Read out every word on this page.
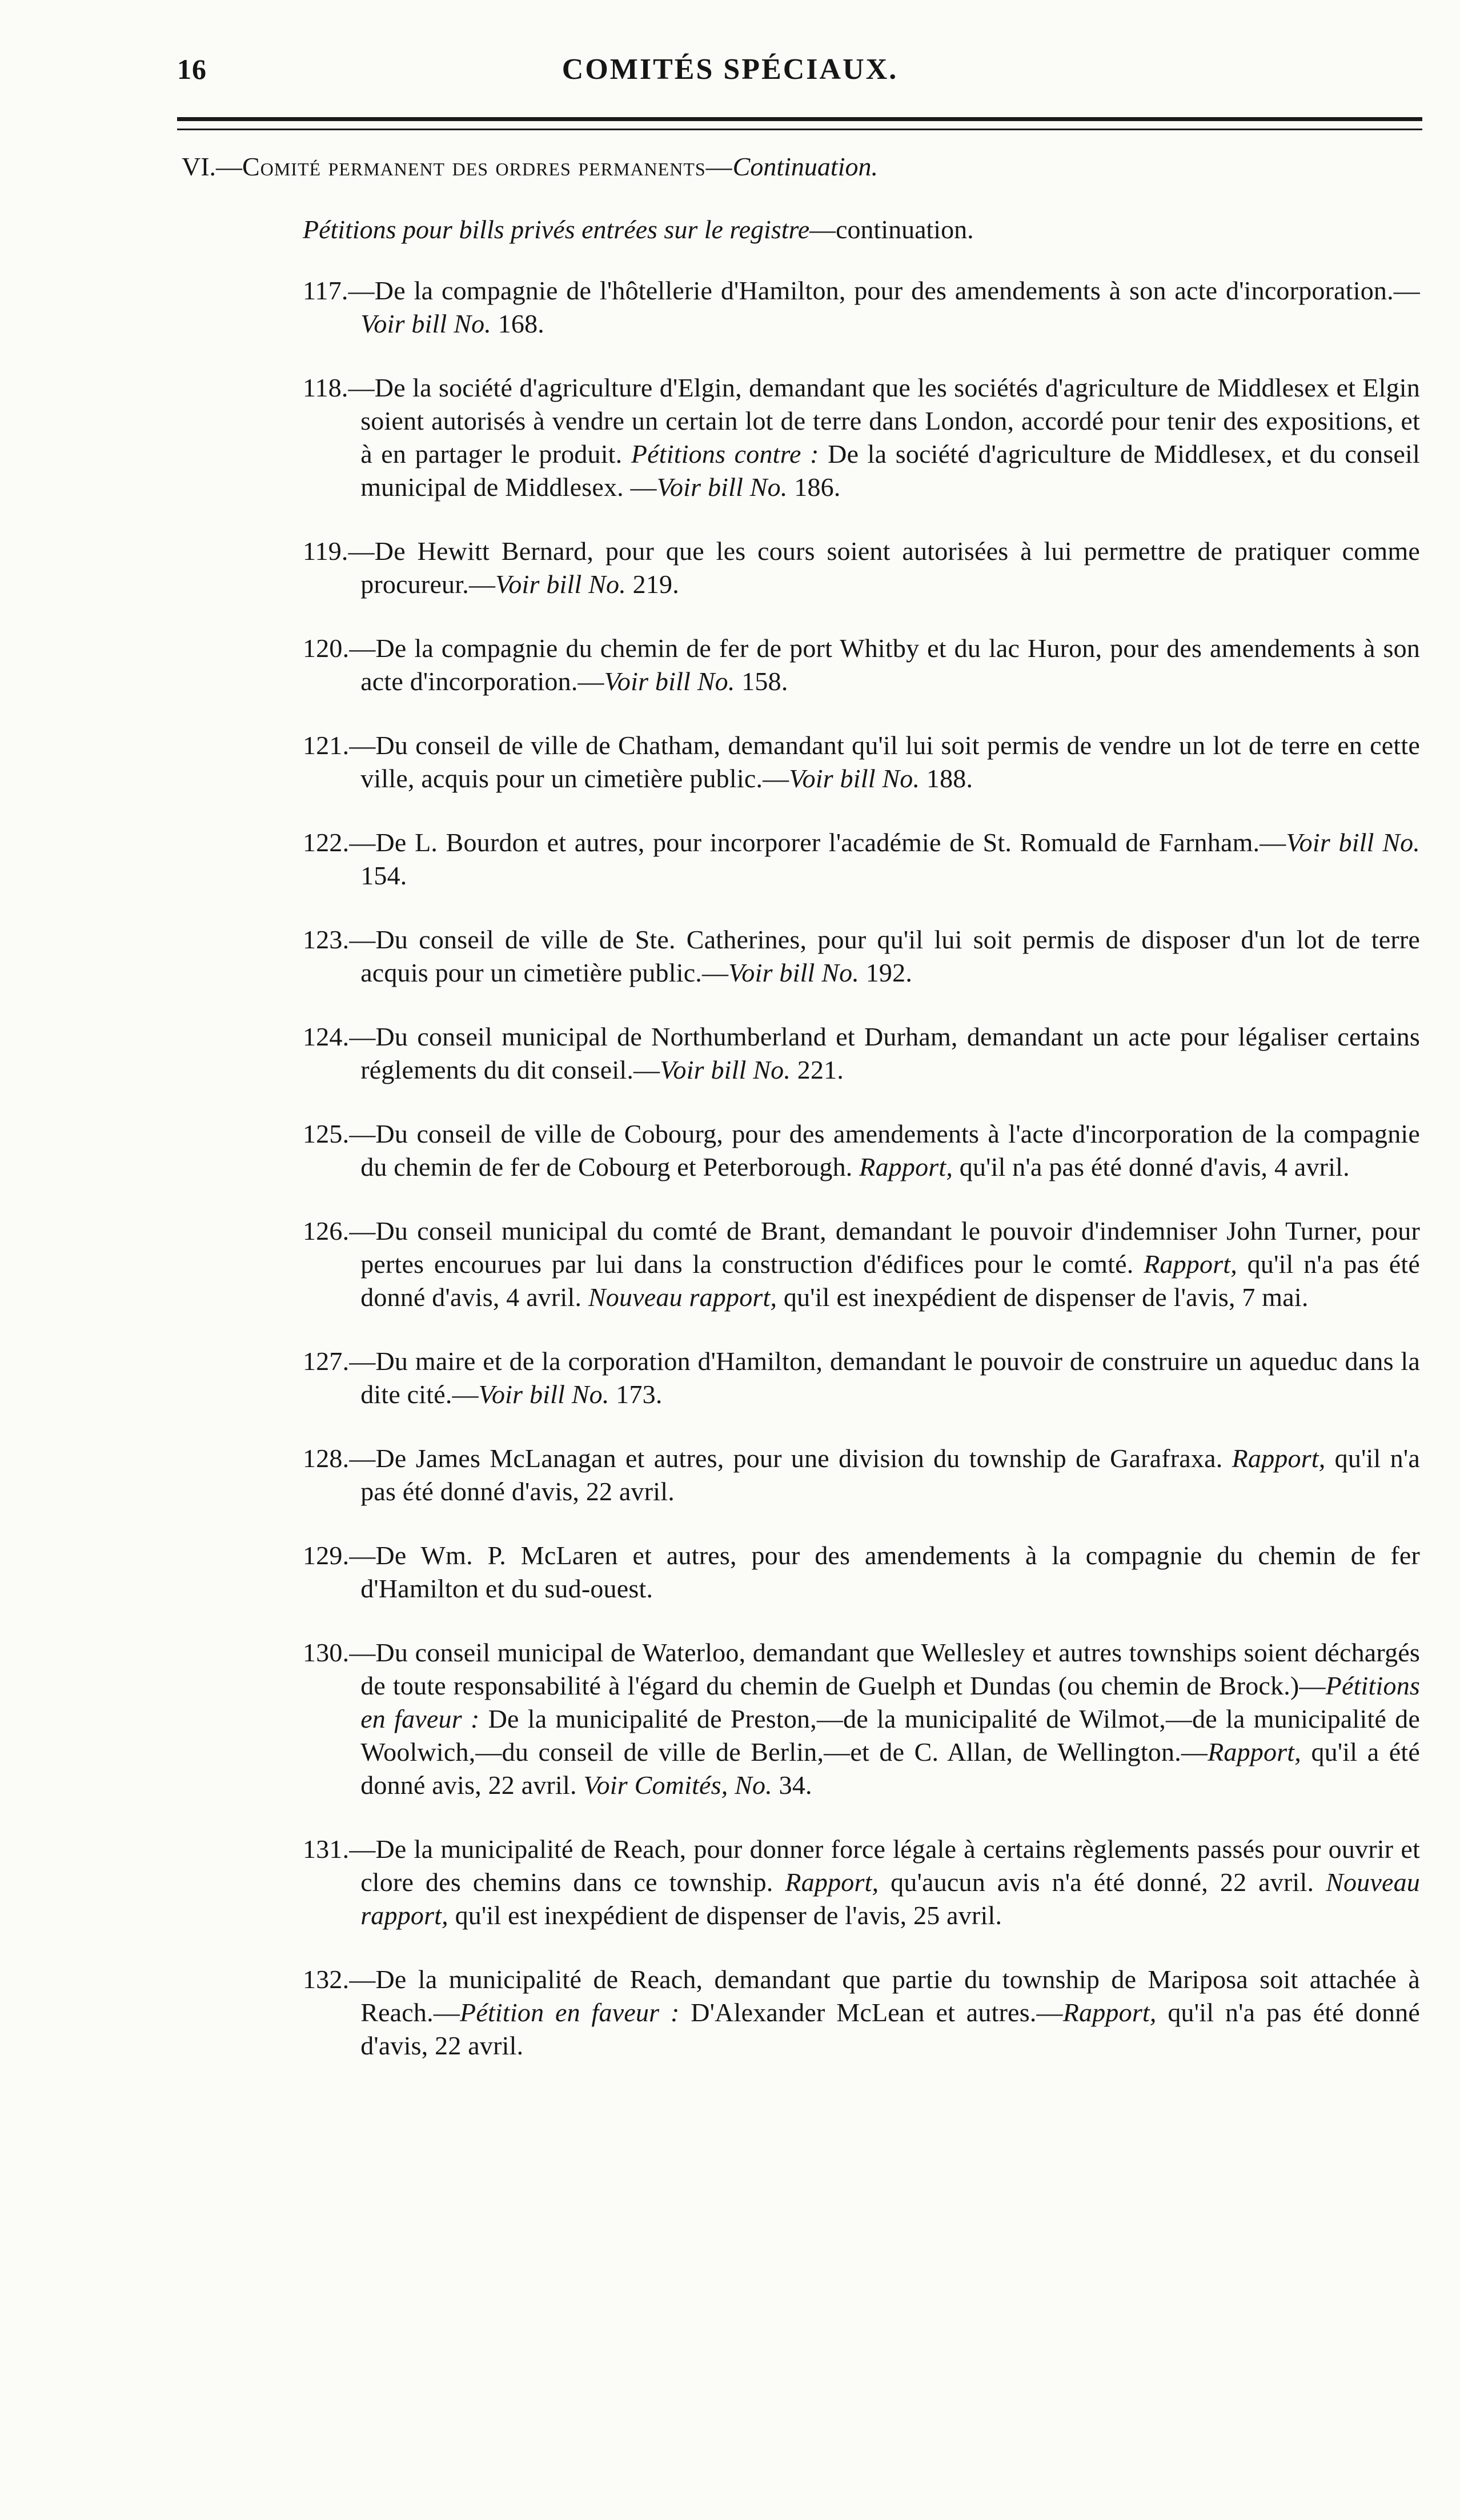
16	COMITÉS SPÉCIAUX.
VI.—Comité permanent des ordres permanents—Continuation.
Pétitions pour bills privés entrées sur le registre—continuation.

117.—De la compagnie de l'hôtellerie d'Hamilton, pour des amendements à son acte d'incorporation.— Voir bill No. 168.

118.—De la société d'agriculture d'Elgin, demandant que les sociétés d'agriculture de Middlesex et Elgin soient autorisés à vendre un certain lot de terre dans London, accordé pour tenir des expositions, et à en partager le produit. Pétitions contre : De la société d'agriculture de Middlesex, et du conseil municipal de Middlesex. —Voir bill No. 186.

119.—De Hewitt Bernard, pour que les cours soient autorisées à lui permettre de pratiquer comme procureur.—Voir bill No. 219.

120.—De la compagnie du chemin de fer de port Whitby et du lac Huron, pour des amendements à son acte d'incorporation.—Voir bill No. 158.

121.—Du conseil de ville de Chatham, demandant qu'il lui soit permis de vendre un lot de terre en cette ville, acquis pour un cimetière public.—Voir bill No. 188.

122.—De L. Bourdon et autres, pour incorporer l'académie de St. Romuald de Farnham.—Voir bill No. 154.

123.—Du conseil de ville de Ste. Catherines, pour qu'il lui soit permis de disposer d'un lot de terre acquis pour un cimetière public.—Voir bill No. 192.

124.—Du conseil municipal de Northumberland et Durham, demandant un acte pour légaliser certains réglements du dit conseil.—Voir bill No. 221.

125.—Du conseil de ville de Cobourg, pour des amendements à l'acte d'incorporation de la compagnie du chemin de fer de Cobourg et Peterborough. Rapport, qu'il n'a pas été donné d'avis, 4 avril.

126.—Du conseil municipal du comté de Brant, demandant le pouvoir d'indemniser John Turner, pour pertes encourues par lui dans la construction d'édifices pour le comté. Rapport, qu'il n'a pas été donné d'avis, 4 avril. Nouveau rapport, qu'il est inexpédient de dispenser de l'avis, 7 mai.

127.—Du maire et de la corporation d'Hamilton, demandant le pouvoir de construire un aqueduc dans la dite cité.—Voir bill No. 173.

128.—De James McLanagan et autres, pour une division du township de Garafraxa. Rapport, qu'il n'a pas été donné d'avis, 22 avril.

129.—De Wm. P. McLaren et autres, pour des amendements à la compagnie du chemin de fer d'Hamilton et du sud-ouest.

130.—Du conseil municipal de Waterloo, demandant que Wellesley et autres townships soient déchargés de toute responsabilité à l'égard du chemin de Guelph et Dundas (ou chemin de Brock.)—Pétitions en faveur : De la municipalité de Preston,—de la municipalité de Wilmot,—de la municipalité de Woolwich,—du conseil de ville de Berlin,—et de C. Allan, de Wellington.—Rapport, qu'il a été donné avis, 22 avril. Voir Comités, No. 34.

131.—De la municipalité de Reach, pour donner force légale à certains règlements passés pour ouvrir et clore des chemins dans ce township. Rapport, qu'aucun avis n'a été donné, 22 avril. Nouveau rapport, qu'il est inexpédient de dispenser de l'avis, 25 avril.

132.—De la municipalité de Reach, demandant que partie du township de Mariposa soit attachée à Reach.—Pétition en faveur : D'Alexander McLean et autres.—Rapport, qu'il n'a pas été donné d'avis, 22 avril.
